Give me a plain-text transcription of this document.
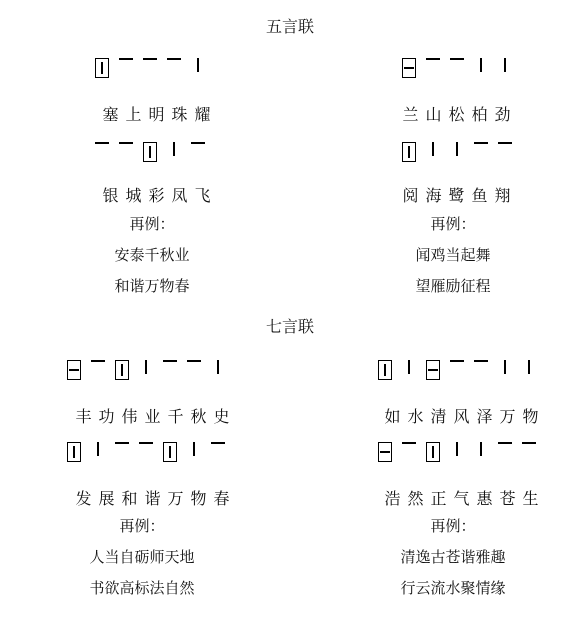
五言联
塞上明珠耀
银城彩凤飞
再例：
安泰千秋业
和谐万物春
兰山松柏劲
阅海鹭鱼翔
再例：
闻鸡当起舞
望雁励征程
七言联
丰功伟业千秋史
发展和谐万物春
再例：
人当自砺师天地
书欲高标法自然
如水清风泽万物
浩然正气惠苍生
再例：
清逸古苍谐雅趣
行云流水聚情缘
